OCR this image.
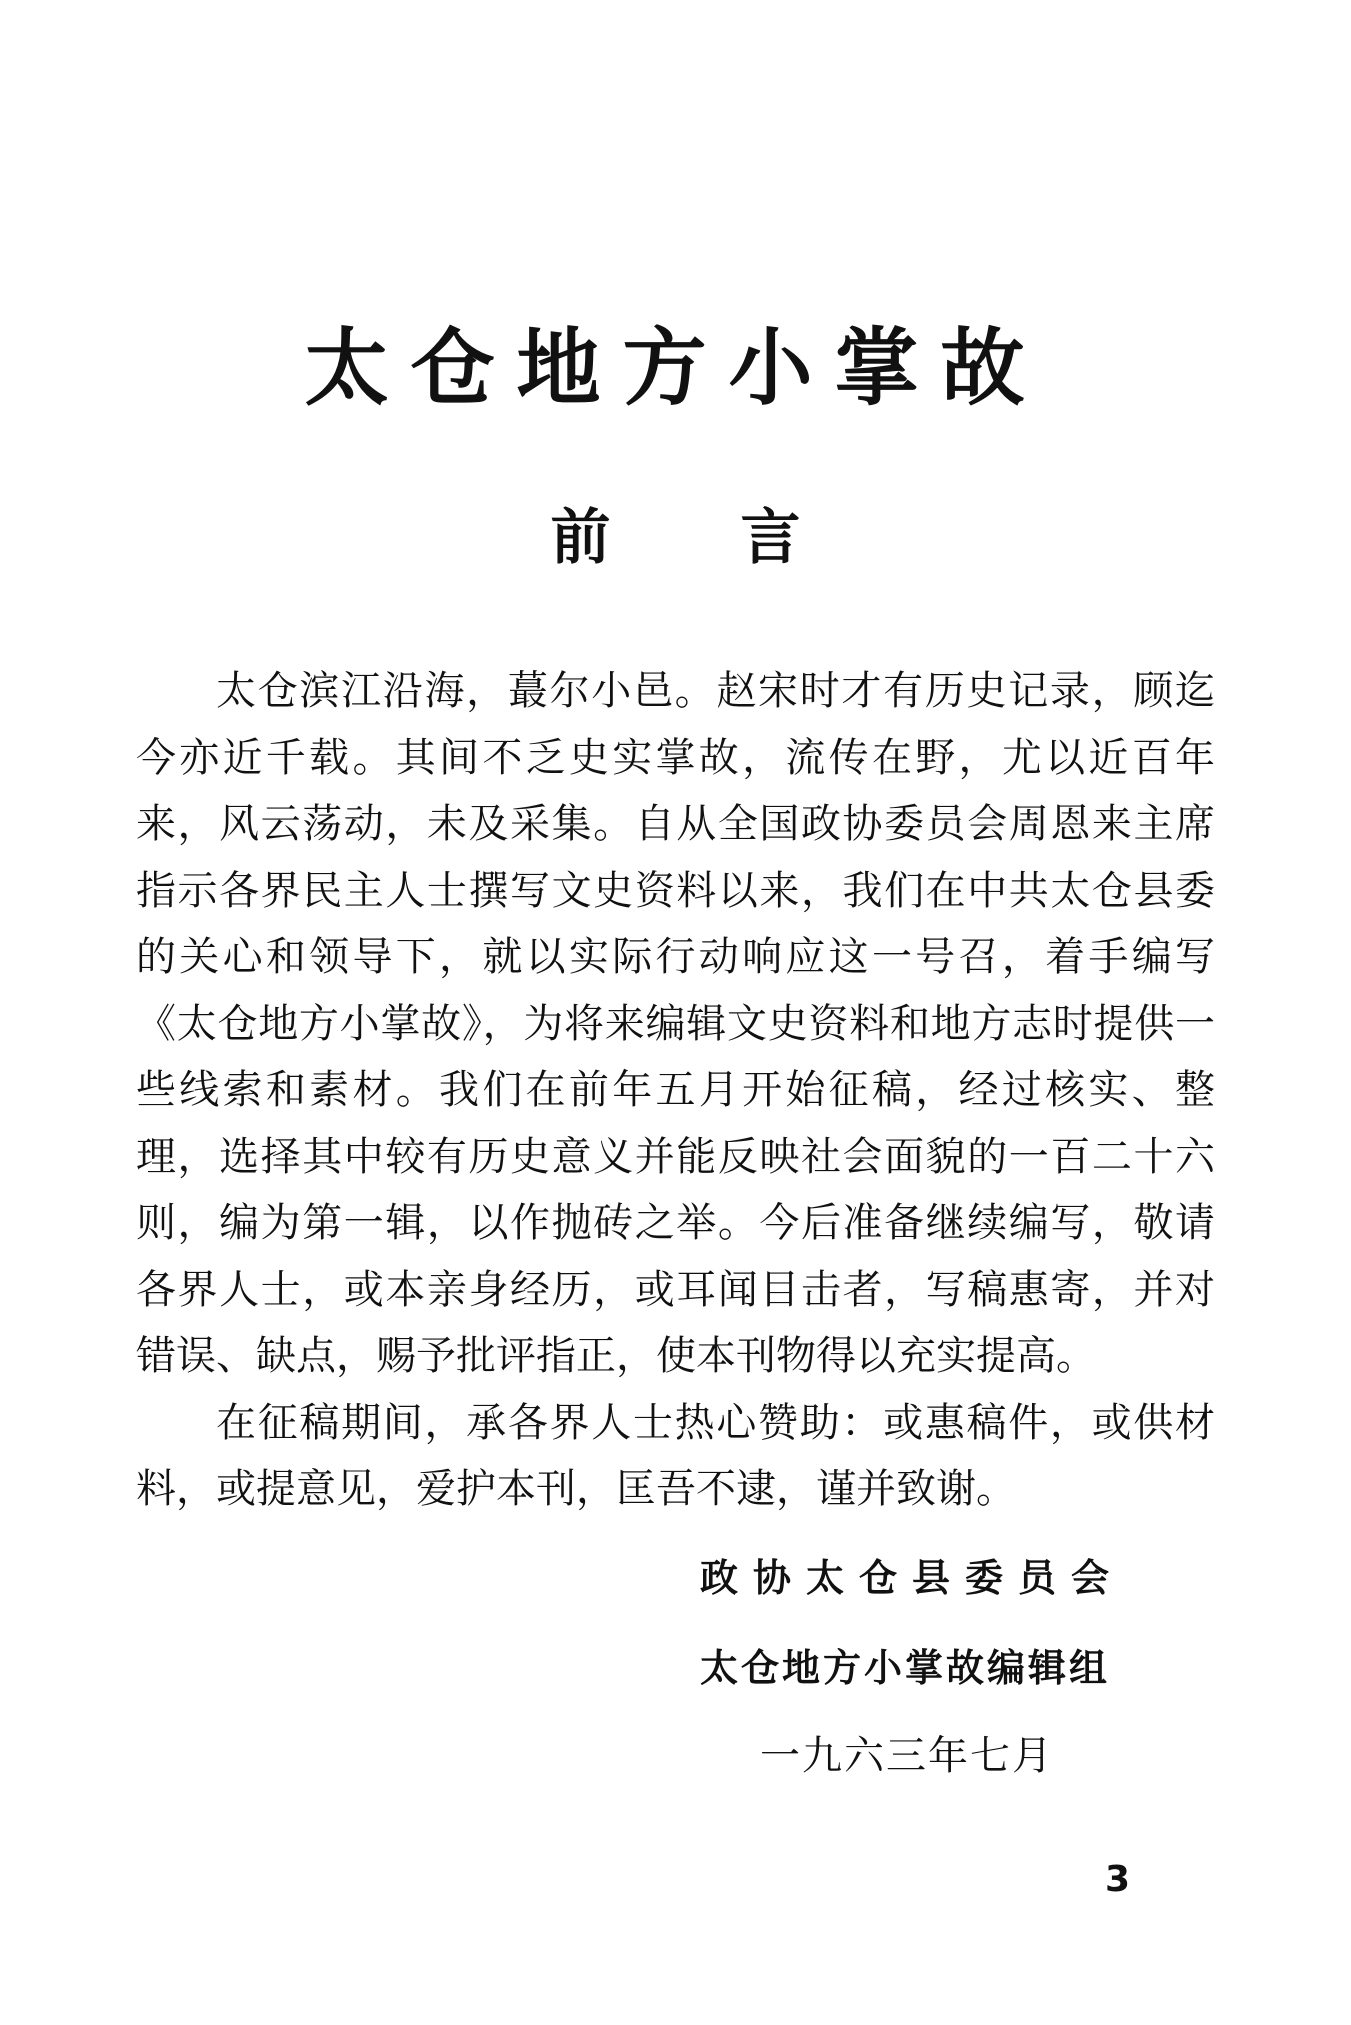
太仓地方小掌故
前 言

太仓滨江沿海，蕞尔小邑。赵宋时才有历史记录，顾迄今亦近千载。其间不乏史实掌故，流传在野，尤以近百年来，风云荡动，未及采集。自从全国政协委员会周恩来主席指示各界民主人士撰写文史资料以来，我们在中共太仓县委的关心和领导下，就以实际行动响应这一号召，着手编写《太仓地方小掌故》，为将来编辑文史资料和地方志时提供一些线索和素材。我们在前年五月开始征稿，经过核实、整理，选择其中较有历史意义并能反映社会面貌的一百二十六则，编为第一辑，以作抛砖之举。今后准备继续编写，敬请各界人士，或本亲身经历，或耳闻目击者，写稿惠寄，并对错误、缺点，赐予批评指正，使本刊物得以充实提高。

在征稿期间，承各界人士热心赞助：或惠稿件，或供材料，或提意见，爱护本刊，匡吾不逮，谨并致谢。

政协太仓县委员会
太仓地方小掌故编辑组
一九六三年七月
3
